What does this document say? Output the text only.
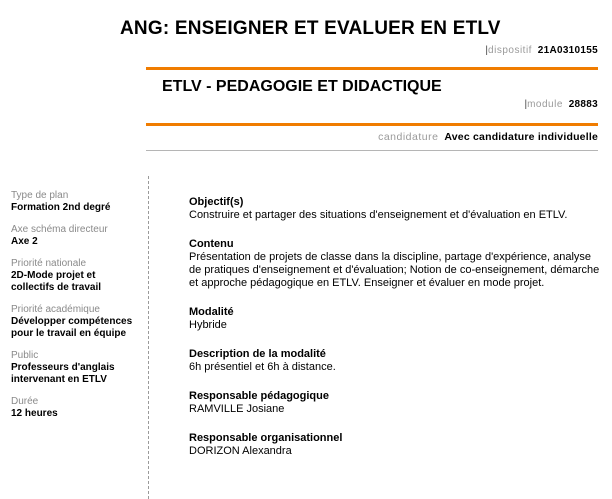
ANG: ENSEIGNER ET EVALUER EN ETLV
|dispositif 21A0310155
ETLV - PEDAGOGIE ET DIDACTIQUE
|module 28883
candidature Avec candidature individuelle
Type de plan
Formation 2nd degré
Axe schéma directeur
Axe 2
Priorité nationale
2D-Mode projet et collectifs de travail
Priorité académique
Développer compétences pour le travail en équipe
Public
Professeurs d'anglais intervenant en ETLV
Durée
12 heures
Objectif(s)
Construire et partager des situations d'enseignement et d'évaluation en ETLV.
Contenu
Présentation de projets de classe dans la discipline, partage d'expérience, analyse de pratiques d'enseignement et d'évaluation; Notion de co-enseignement, démarche et approche pédagogique en ETLV. Enseigner et évaluer en mode projet.
Modalité
Hybride
Description de la modalité
6h présentiel et 6h à distance.
Responsable pédagogique
RAMVILLE Josiane
Responsable organisationnel
DORIZON Alexandra
